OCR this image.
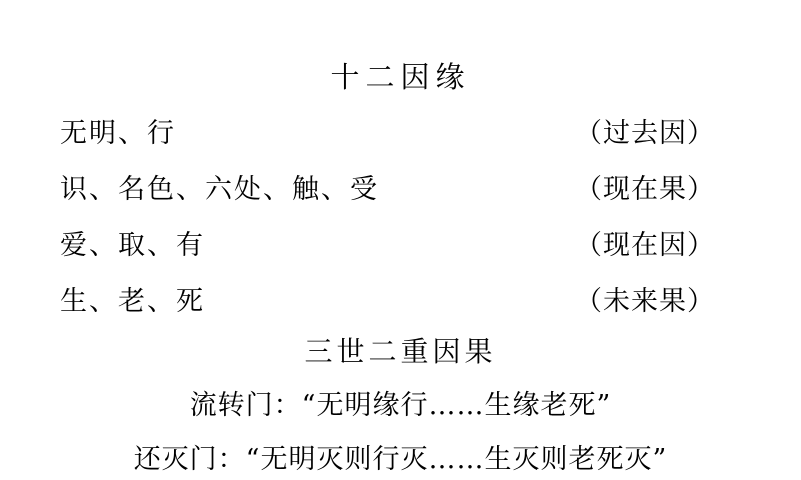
十二因缘
无明、行	（过去因）
识、名色、六处、触、受	（现在果）
爱、取、有	（现在因）
生、老、死	（未来果）
三世二重因果
流转门：“无明缘行……生缘老死”
还灭门：“无明灭则行灭……生灭则老死灭”
